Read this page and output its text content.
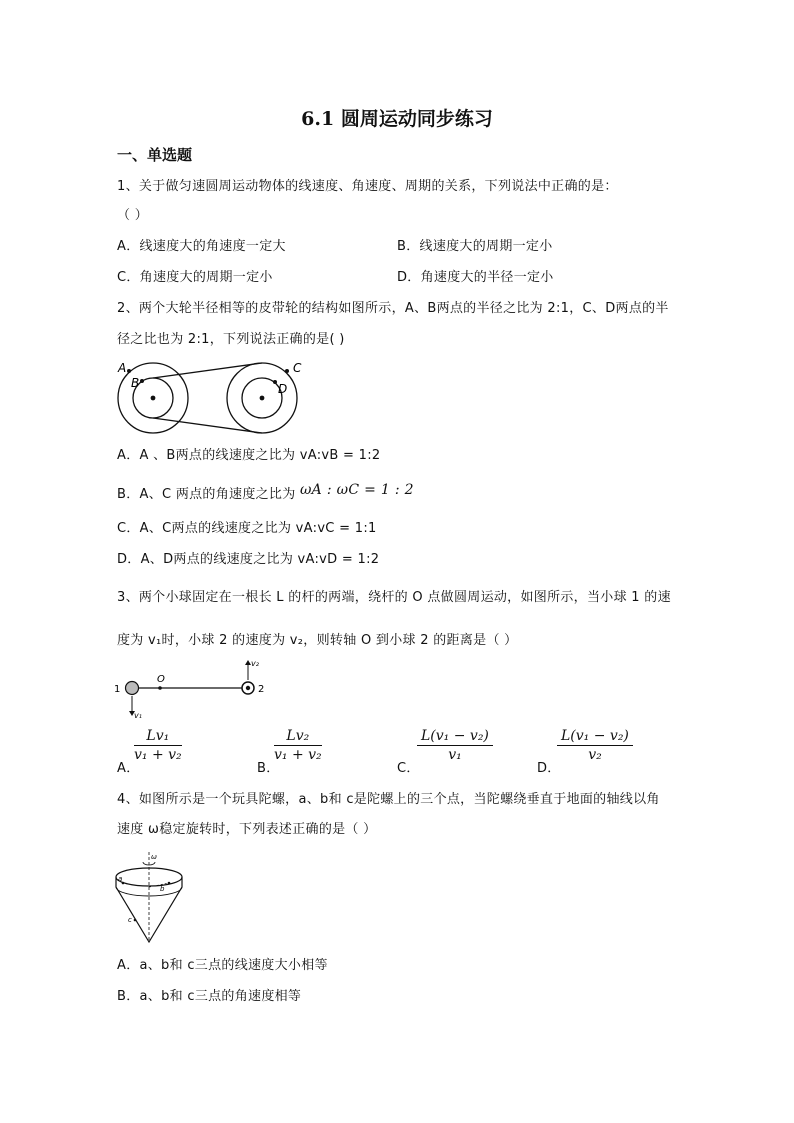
6.1 圆周运动同步练习
一、单选题
1、关于做匀速圆周运动物体的线速度、角速度、周期的关系，下列说法中正确的是：
（ ）
A．线速度大的角速度一定大	B．线速度大的周期一定小
C．角速度大的周期一定小	D．角速度大的半径一定小
2、两个大轮半径相等的皮带轮的结构如图所示，A、B两点的半径之比为 2:1，C、D两点的半
径之比也为 2:1，下列说法正确的是( )
A
B
C
D
A．A 、B两点的线速度之比为 vA:vB = 1:2
B．A、C 两点的角速度之比为 ωA : ωC = 1 : 2
C．A、C两点的线速度之比为 vA:vC = 1:1
D．A、D两点的线速度之比为 vA:vD = 1:2
3、两个小球固定在一根长 L 的杆的两端，绕杆的 O 点做圆周运动，如图所示，当小球 1 的速
度为 v₁时，小球 2 的速度为 v₂，则转轴 O 到小球 2 的距离是（ ）
1
O
2
v₁
v₂
A．
$\frac{\text{Lv₁}}{\text{v₁ + v₂}}$
B．
$\frac{\text{Lv₂}}{\text{v₁ + v₂}}$
C．
$\frac{\text{L(v₁ − v₂)}}{\text{v₁}}$
D．
$\frac{\text{L(v₁ − v₂)}}{\text{v₂}}$
4、如图所示是一个玩具陀螺，a、b和 c是陀螺上的三个点，当陀螺绕垂直于地面的轴线以角
速度 ω稳定旋转时，下列表述正确的是（ ）
ω
a
b
c
A．a、b和 c三点的线速度大小相等
B．a、b和 c三点的角速度相等
